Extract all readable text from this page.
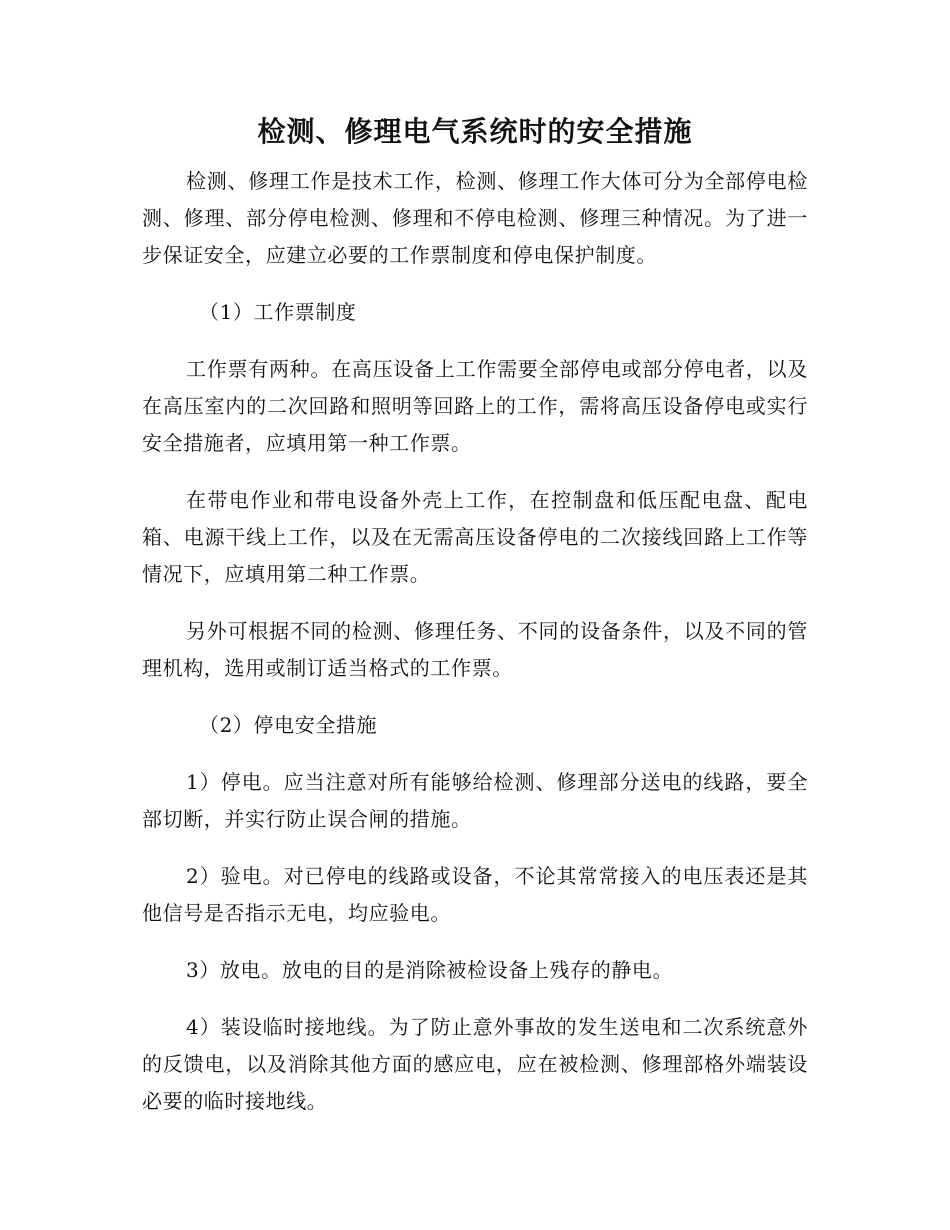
检测、修理电气系统时的安全措施

检测、修理工作是技术工作，检测、修理工作大体可分为全部停电检测、修理、部分停电检测、修理和不停电检测、修理三种情况。为了进一步保证安全，应建立必要的工作票制度和停电保护制度。

（1）工作票制度

工作票有两种。在高压设备上工作需要全部停电或部分停电者，以及在高压室内的二次回路和照明等回路上的工作，需将高压设备停电或实行安全措施者，应填用第一种工作票。

在带电作业和带电设备外壳上工作，在控制盘和低压配电盘、配电箱、电源干线上工作，以及在无需高压设备停电的二次接线回路上工作等情况下，应填用第二种工作票。

另外可根据不同的检测、修理任务、不同的设备条件，以及不同的管理机构，选用或制订适当格式的工作票。

（2）停电安全措施

1）停电。应当注意对所有能够给检测、修理部分送电的线路，要全部切断，并实行防止误合闸的措施。

2）验电。对已停电的线路或设备，不论其常常接入的电压表还是其他信号是否指示无电，均应验电。

3）放电。放电的目的是消除被检设备上残存的静电。

4）装设临时接地线。为了防止意外事故的发生送电和二次系统意外的反馈电，以及消除其他方面的感应电，应在被检测、修理部格外端装设必要的临时接地线。
